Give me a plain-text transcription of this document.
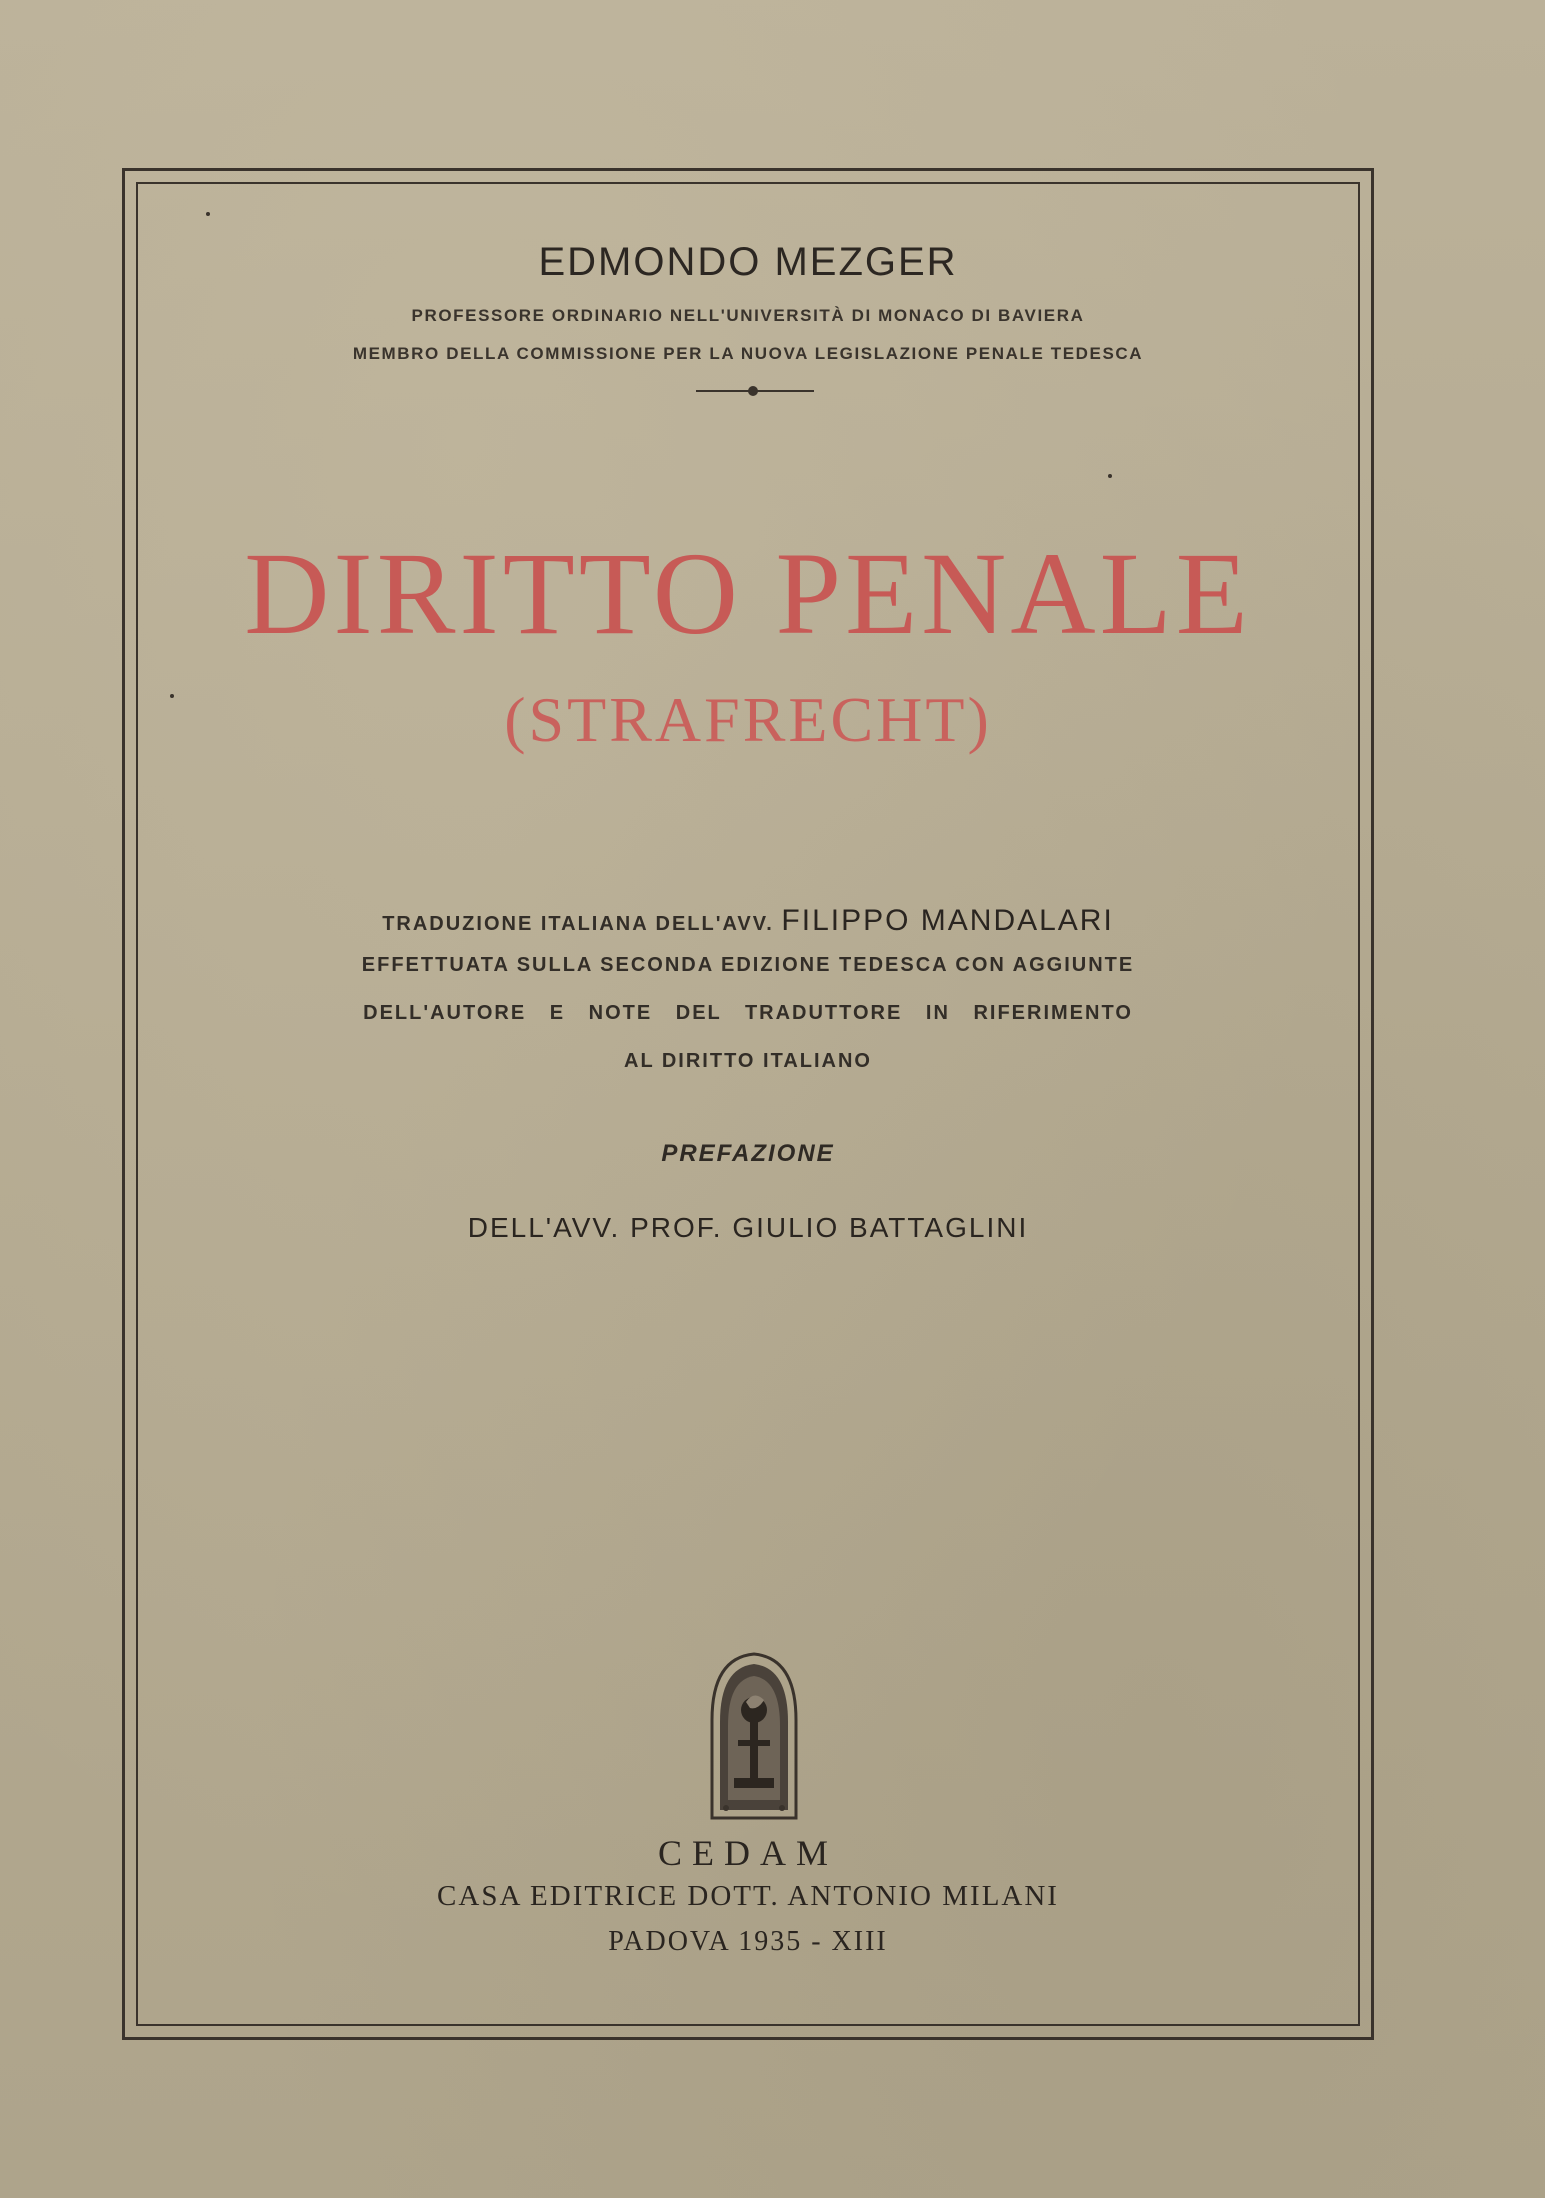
EDMONDO MEZGER
PROFESSORE ORDINARIO NELL'UNIVERSITÀ DI MONACO DI BAVIERA
MEMBRO DELLA COMMISSIONE PER LA NUOVA LEGISLAZIONE PENALE TEDESCA
DIRITTO PENALE
(STRAFRECHT)
TRADUZIONE ITALIANA DELL'AVV. FILIPPO MANDALARI
EFFETTUATA SULLA SECONDA EDIZIONE TEDESCA CON AGGIUNTE
DELL'AUTORE E NOTE DEL TRADUTTORE IN RIFERIMENTO
AL DIRITTO ITALIANO
PREFAZIONE
DELL'AVV. PROF. GIULIO BATTAGLINI
CEDAM
CASA EDITRICE DOTT. ANTONIO MILANI
PADOVA 1935 - XIII
